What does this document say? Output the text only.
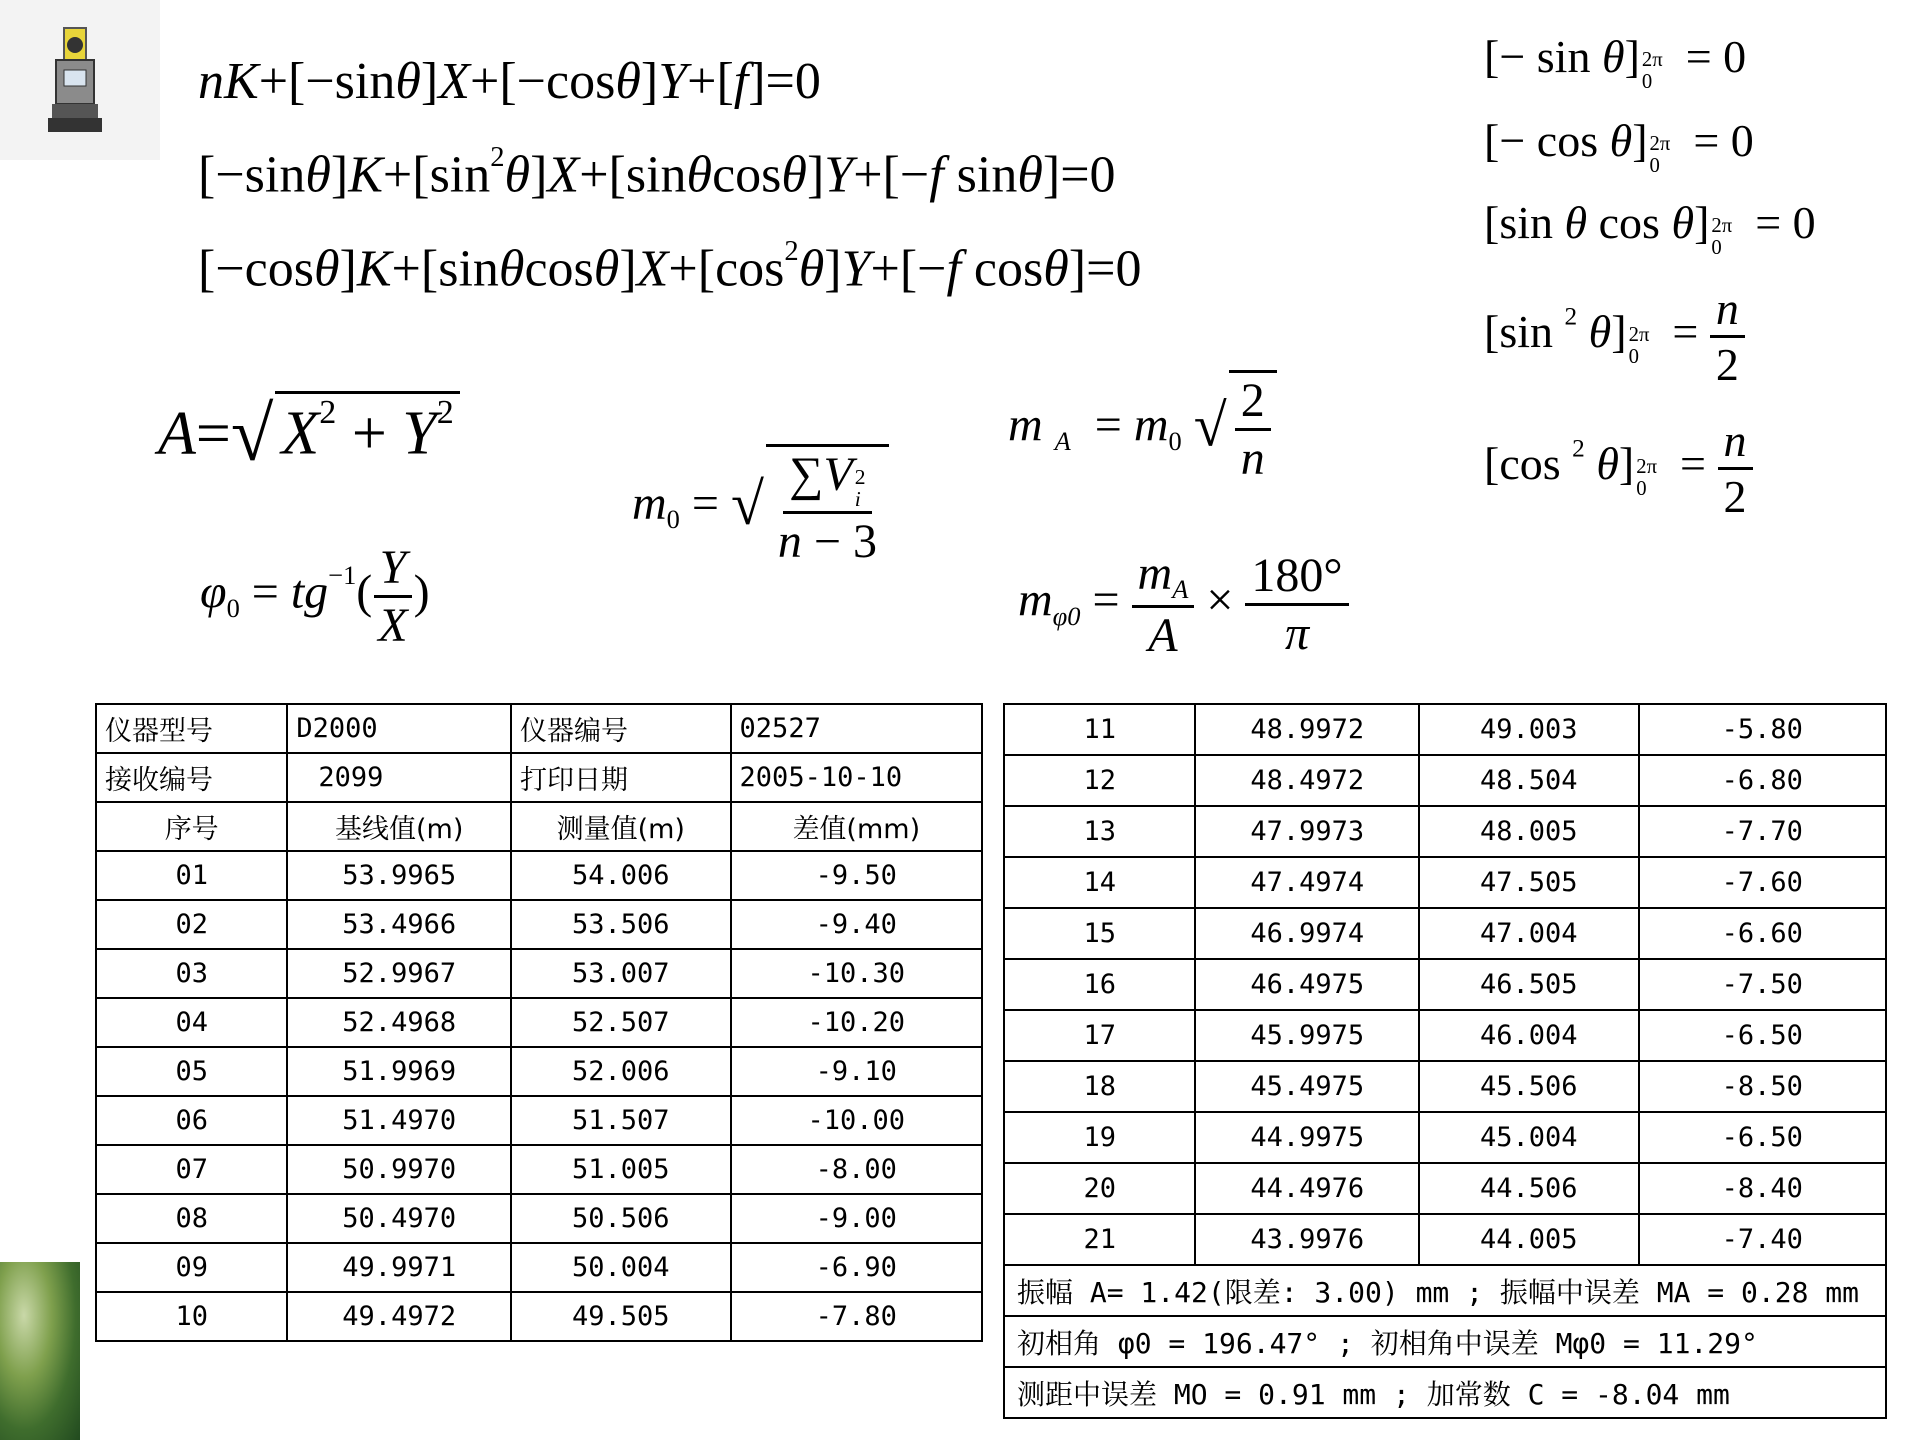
nK+[−sinθ]X+[−cosθ]Y+[f]=0
$[-\sin\theta]K+[\sin^2\theta]X+[\sin\theta\cos\theta]Y+[-f$ sinθ]=0
$[-\cos\theta]K+[\sin\theta\cos\theta]X+[\cos^2\theta]Y+[-f$ cosθ]=0
[− sin θ] 2π
0 = 0
[− cos θ] 2π
0 = 0
[sin θ cos θ] 2π
0 = 0
[sin $^2$ θ] 2π
$0 = \frac{n}{2}$
[cos $^2$ θ] 2π
$0 = \frac{n}{2}$
A=√ $X^2 + Y^2$
$\varphi_0 = tg^{-1}( \frac{Y}{X}$ )
$m_0$ = √ ∑V 2
i
n − 3
m $_A = m_0$ √ $\frac{2}{n}$
$m_{\varphi 0} = \frac{m_A}{A} \times \frac{180^\circ}{\pi}$
仪器型号	D2000	仪器编号	02527
接收编号	2099	打印日期	2005-10-10
序号	基线值(m)	测量值(m)	差值(mm)
01	53.9965	54.006	-9.50
02	53.4966	53.506	-9.40
03	52.9967	53.007	-10.30
04	52.4968	52.507	-10.20
05	51.9969	52.006	-9.10
06	51.4970	51.507	-10.00
07	50.9970	51.005	-8.00
08	50.4970	50.506	-9.00
09	49.9971	50.004	-6.90
10	49.4972	49.505	-7.80
11	48.9972	49.003	-5.80
12	48.4972	48.504	-6.80
13	47.9973	48.005	-7.70
14	47.4974	47.505	-7.60
15	46.9974	47.004	-6.60
16	46.4975	46.505	-7.50
17	45.9975	46.004	-6.50
18	45.4975	45.506	-8.50
19	44.9975	45.004	-6.50
20	44.4976	44.506	-8.40
21	43.9976	44.005	-7.40
振幅 A= 1.42(限差: 3.00) mm ; 振幅中误差 MA = 0.28 mm			
初相角 φ0 = 196.47° ; 初相角中误差 Mφ0 = 11.29°			
测距中误差 MO = 0.91 mm ; 加常数 C = -8.04 mm			
